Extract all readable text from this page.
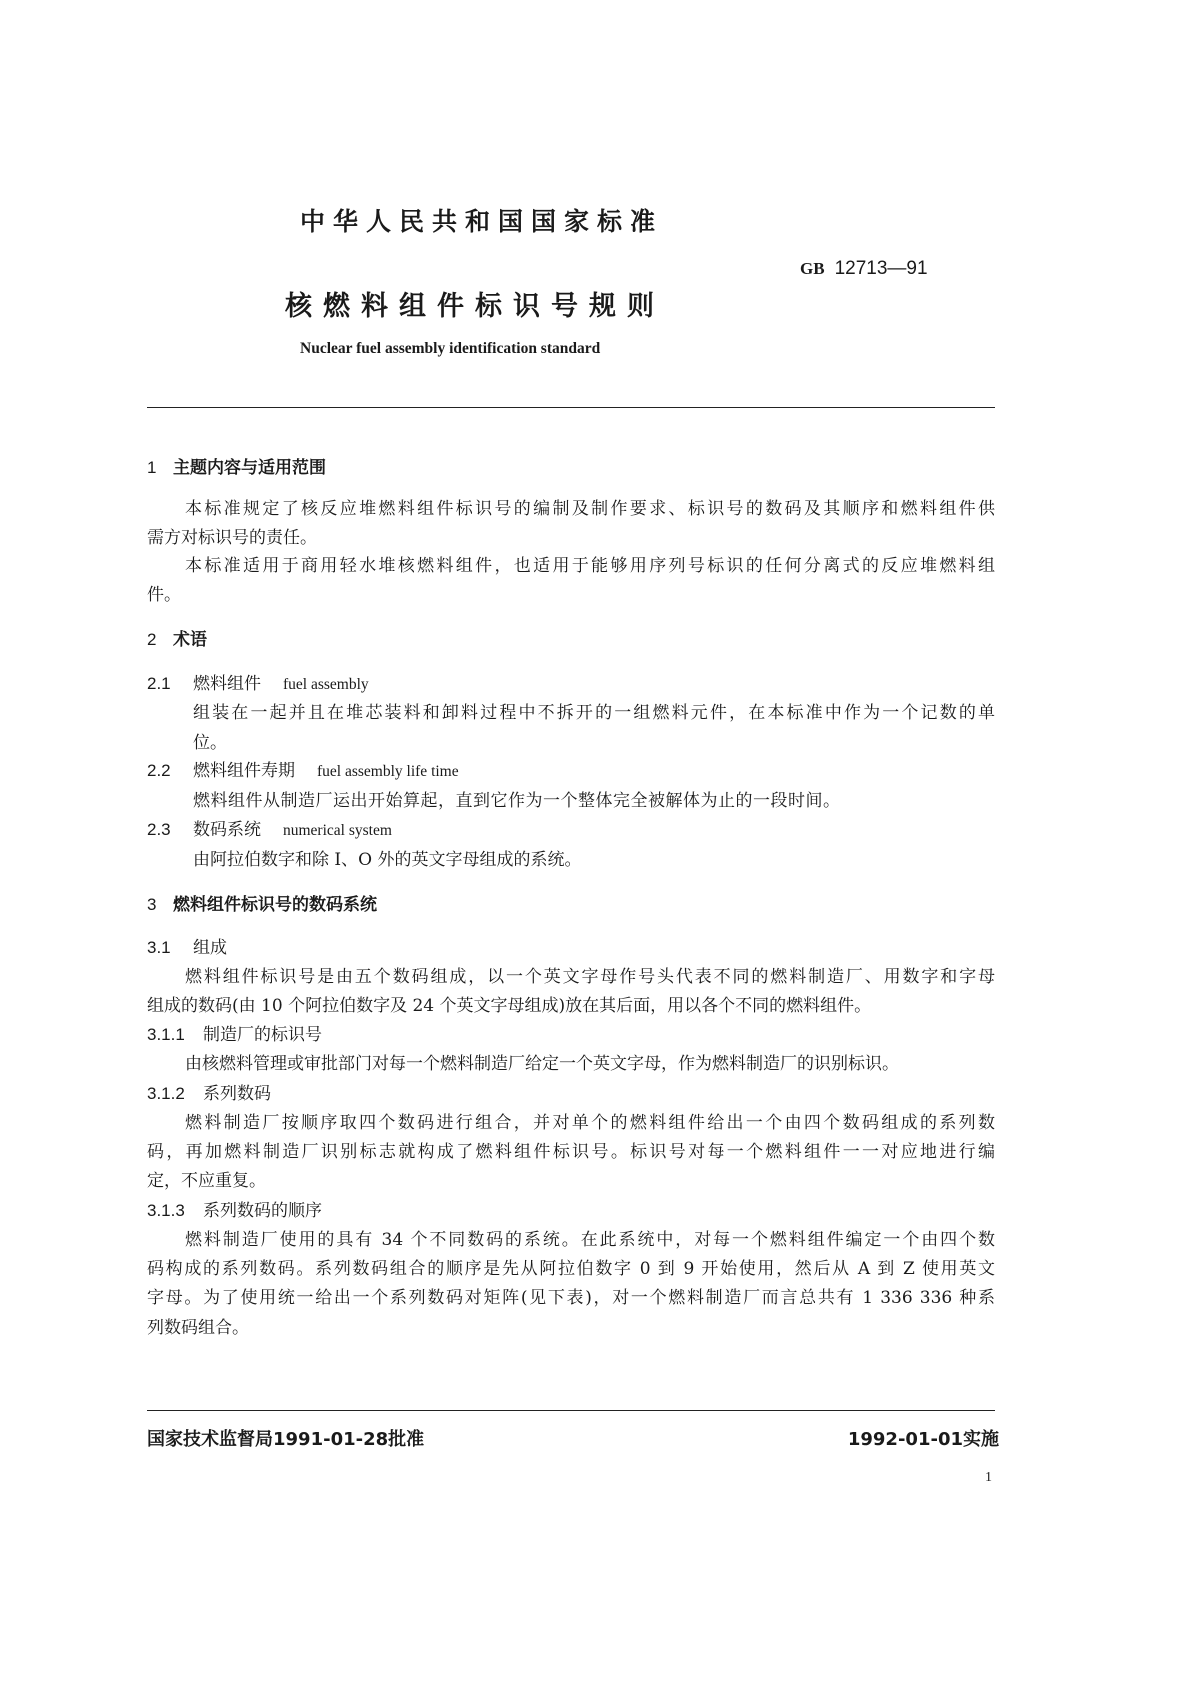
中华人民共和国国家标准
GB 12713—91
核燃料组件标识号规则
Nuclear fuel assembly identification standard
1 主题内容与适用范围
本标准规定了核反应堆燃料组件标识号的编制及制作要求、标识号的数码及其顺序和燃料组件供
需方对标识号的责任。
本标准适用于商用轻水堆核燃料组件，也适用于能够用序列号标识的任何分离式的反应堆燃料组
件。
2 术语
2.1 燃料组件 fuel assembly
组装在一起并且在堆芯装料和卸料过程中不拆开的一组燃料元件，在本标准中作为一个记数的单
位。
2.2 燃料组件寿期 fuel assembly life time
燃料组件从制造厂运出开始算起，直到它作为一个整体完全被解体为止的一段时间。
2.3 数码系统 numerical system
由阿拉伯数字和除 I、O 外的英文字母组成的系统。
3 燃料组件标识号的数码系统
3.1 组成
燃料组件标识号是由五个数码组成，以一个英文字母作号头代表不同的燃料制造厂、用数字和字母
组成的数码(由 10 个阿拉伯数字及 24 个英文字母组成)放在其后面，用以各个不同的燃料组件。
3.1.1 制造厂的标识号
由核燃料管理或审批部门对每一个燃料制造厂给定一个英文字母，作为燃料制造厂的识别标识。
3.1.2 系列数码
燃料制造厂按顺序取四个数码进行组合，并对单个的燃料组件给出一个由四个数码组成的系列数
码，再加燃料制造厂识别标志就构成了燃料组件标识号。标识号对每一个燃料组件一一对应地进行编
定，不应重复。
3.1.3 系列数码的顺序
燃料制造厂使用的具有 34 个不同数码的系统。在此系统中，对每一个燃料组件编定一个由四个数
码构成的系列数码。系列数码组合的顺序是先从阿拉伯数字 0 到 9 开始使用，然后从 A 到 Z 使用英文
字母。为了使用统一给出一个系列数码对矩阵(见下表)，对一个燃料制造厂而言总共有 1 336 336 种系
列数码组合。
国家技术监督局1991-01-28批准	1992-01-01实施
1
